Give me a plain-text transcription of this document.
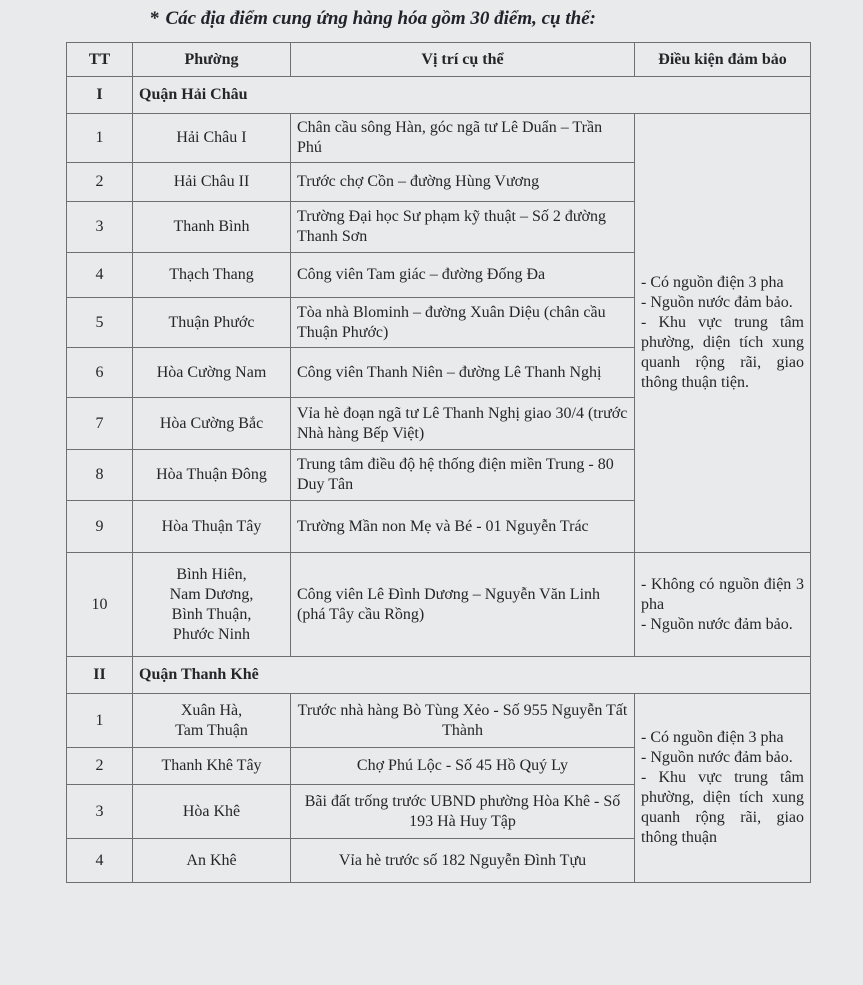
* Các địa điểm cung ứng hàng hóa gồm 30 điểm, cụ thể:
TT	Phường	Vị trí cụ thể	Điều kiện đảm bảo
I	Quận Hải Châu		
1	Hải Châu I	Chân cầu sông Hàn, góc ngã tư Lê Duẩn – Trần Phú	- Có nguồn điện 3 pha
- Nguồn nước đảm bảo.
- Khu vực trung tâm phường, diện tích xung quanh rộng rãi, giao thông thuận tiện.

2	Hải Châu II	Trước chợ Cồn – đường Hùng Vương	
3	Thanh Bình	Trường Đại học Sư phạm kỹ thuật – Số 2 đường Thanh Sơn	
4	Thạch Thang	Công viên Tam giác – đường Đống Đa	
5	Thuận Phước	Tòa nhà Blominh – đường Xuân Diệu (chân cầu Thuận Phước)	
6	Hòa Cường Nam	Công viên Thanh Niên – đường Lê Thanh Nghị	
7	Hòa Cường Bắc	Vỉa hè đoạn ngã tư Lê Thanh Nghị giao 30/4 (trước Nhà hàng Bếp Việt)	
8	Hòa Thuận Đông	Trung tâm điều độ hệ thống điện miền Trung - 80 Duy Tân	
9	Hòa Thuận Tây	Trường Mần non Mẹ và Bé - 01 Nguyễn Trác	
10	Bình Hiên,
Nam Dương,
Bình Thuận,
Phước Ninh	Công viên Lê Đình Dương – Nguyễn Văn Linh (phá Tây cầu Rồng)	- Không có nguồn điện 3 pha
- Nguồn nước đảm bảo.

II	Quận Thanh Khê		
1	Xuân Hà,
Tam Thuận	Trước nhà hàng Bò Tùng Xẻo - Số 955 Nguyễn Tất Thành	- Có nguồn điện 3 pha
- Nguồn nước đảm bảo.
- Khu vực trung tâm phường, diện tích xung quanh rộng rãi, giao thông thuận

2	Thanh Khê Tây	Chợ Phú Lộc - Số 45 Hồ Quý Ly	
3	Hòa Khê	Bãi đất trống trước UBND phường Hòa Khê - Số 193 Hà Huy Tập	
4	An Khê	Vỉa hè trước số 182 Nguyễn Đình Tựu	
